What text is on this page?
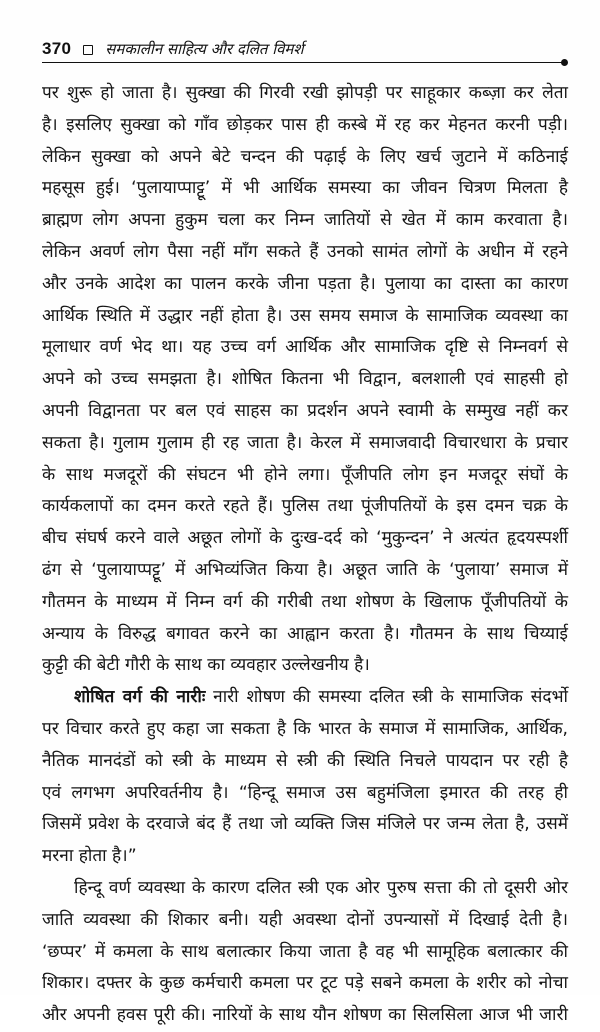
370 समकालीन साहित्य और दलित विमर्श
पर शुरू हो जाता है। सुक्खा की गिरवी रखी झोपड़ी पर साहूकार कब्ज़ा कर लेता
है। इसलिए सुक्खा को गाँव छोड़कर पास ही कस्बे में रह कर मेहनत करनी पड़ी।
लेकिन सुक्खा को अपने बेटे चन्दन की पढ़ाई के लिए खर्च जुटाने में कठिनाई
महसूस हुई। ‘पुलायाप्पाट्टू’ में भी आर्थिक समस्या का जीवन चित्रण मिलता है
ब्राह्मण लोग अपना हुकुम चला कर निम्न जातियों से खेत में काम करवाता है।
लेकिन अवर्ण लोग पैसा नहीं माँग सकते हैं उनको सामंत लोगों के अधीन में रहने
और उनके आदेश का पालन करके जीना पड़ता है। पुलाया का दास्ता का कारण
आर्थिक स्थिति में उद्धार नहीं होता है। उस समय समाज के सामाजिक व्यवस्था का
मूलाधार वर्ण भेद था। यह उच्च वर्ग आर्थिक और सामाजिक दृष्टि से निम्नवर्ग से
अपने को उच्च समझता है। शोषित कितना भी विद्वान, बलशाली एवं साहसी हो
अपनी विद्वानता पर बल एवं साहस का प्रदर्शन अपने स्वामी के सम्मुख नहीं कर
सकता है। गुलाम गुलाम ही रह जाता है। केरल में समाजवादी विचारधारा के प्रचार
के साथ मजदूरों की संघटन भी होने लगा। पूँजीपति लोग इन मजदूर संघों के
कार्यकलापों का दमन करते रहते हैं। पुलिस तथा पूंजीपतियों के इस दमन चक्र के
बीच संघर्ष करने वाले अछूत लोगों के दुःख-दर्द को ‘मुकुन्दन’ ने अत्यंत हृदयस्पर्शी
ढंग से ‘पुलायाप्पट्टू’ में अभिव्यंजित किया है। अछूत जाति के ‘पुलाया’ समाज में
गौतमन के माध्यम में निम्न वर्ग की गरीबी तथा शोषण के खिलाफ पूँजीपतियों के
अन्याय के विरुद्ध बगावत करने का आह्वान करता है। गौतमन के साथ चिय्याई
कुट्टी की बेटी गौरी के साथ का व्यवहार उल्लेखनीय है।
शोषित वर्ग की नारीः नारी शोषण की समस्या दलित स्त्री के सामाजिक संदर्भो
पर विचार करते हुए कहा जा सकता है कि भारत के समाज में सामाजिक, आर्थिक,
नैतिक मानदंडों को स्त्री के माध्यम से स्त्री की स्थिति निचले पायदान पर रही है
एवं लगभग अपरिवर्तनीय है। “हिन्दू समाज उस बहुमंजिला इमारत की तरह ही
जिसमें प्रवेश के दरवाजे बंद हैं तथा जो व्यक्ति जिस मंजिले पर जन्म लेता है, उसमें
मरना होता है।”
हिन्दू वर्ण व्यवस्था के कारण दलित स्त्री एक ओर पुरुष सत्ता की तो दूसरी ओर
जाति व्यवस्था की शिकार बनी। यही अवस्था दोनों उपन्यासों में दिखाई देती है।
‘छप्पर’ में कमला के साथ बलात्कार किया जाता है वह भी सामूहिक बलात्कार की
शिकार। दफ्तर के कुछ कर्मचारी कमला पर टूट पड़े सबने कमला के शरीर को नोचा
और अपनी हवस पूरी की। नारियों के साथ यौन शोषण का सिलसिला आज भी जारी
